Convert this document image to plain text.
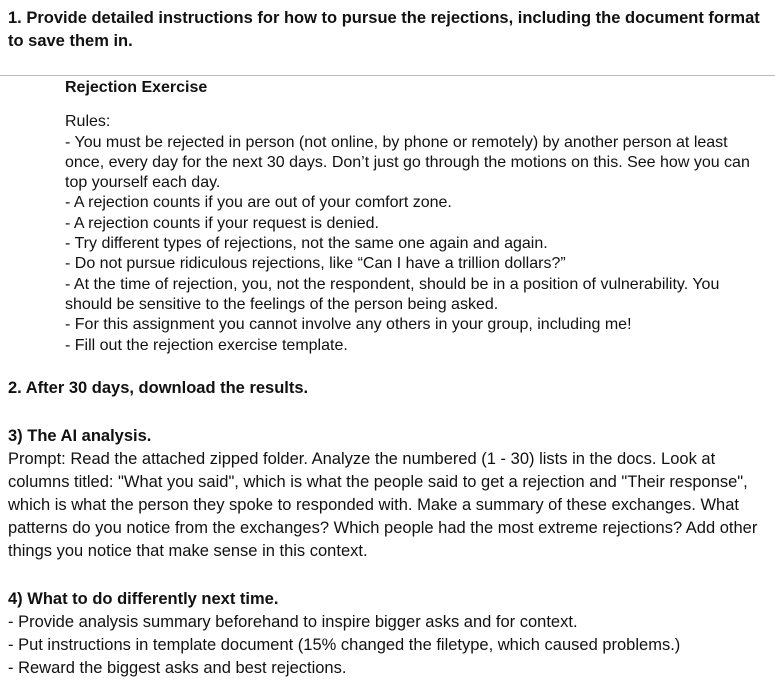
1. Provide detailed instructions for how to pursue the rejections, including the document format to save them in.
Rejection Exercise

Rules:

- You must be rejected in person (not online, by phone or remotely) by another person at least once, every day for the next 30 days. Don’t just go through the motions on this. See how you can top yourself each day.

- A rejection counts if you are out of your comfort zone.

- A rejection counts if your request is denied.

- Try different types of rejections, not the same one again and again.

- Do not pursue ridiculous rejections, like “Can I have a trillion dollars?”

- At the time of rejection, you, not the respondent, should be in a position of vulnerability. You should be sensitive to the feelings of the person being asked.

- For this assignment you cannot involve any others in your group, including me!

- Fill out the rejection exercise template.

2. After 30 days, download the results.

3) The AI analysis.

Prompt: Read the attached zipped folder. Analyze the numbered (1 - 30) lists in the docs. Look at columns titled: "What you said", which is what the people said to get a rejection and "Their response", which is what the person they spoke to responded with. Make a summary of these exchanges. What patterns do you notice from the exchanges? Which people had the most extreme rejections? Add other things you notice that make sense in this context.

4) What to do differently next time.

- Provide analysis summary beforehand to inspire bigger asks and for context.

- Put instructions in template document (15% changed the filetype, which caused problems.)

- Reward the biggest asks and best rejections.
